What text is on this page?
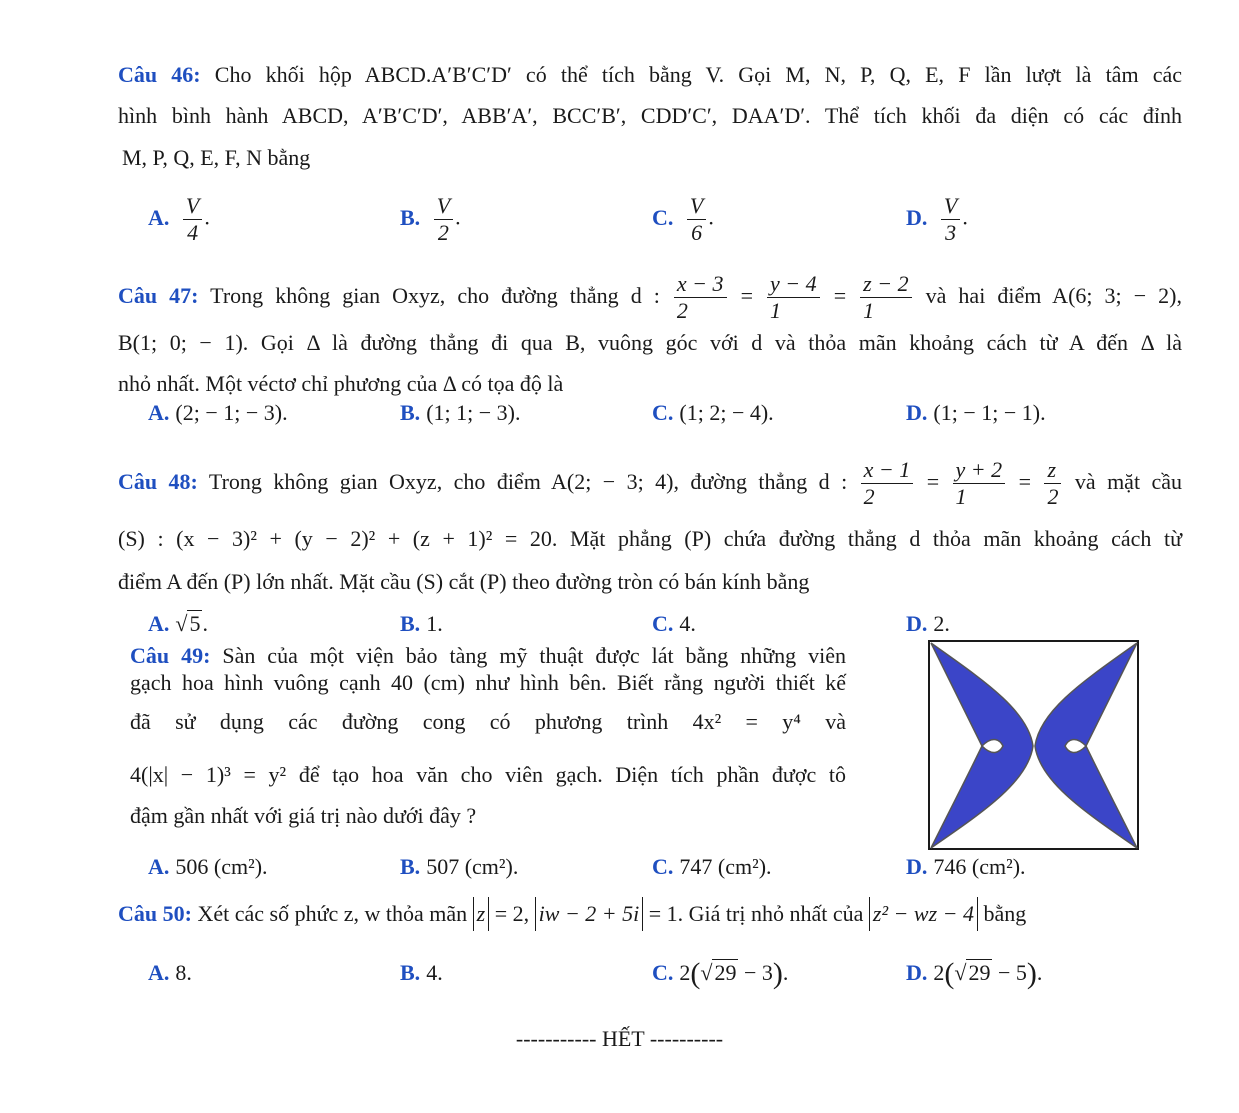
Câu 46: Cho khối hộp ABCD.A′B′C′D′ có thể tích bằng V. Gọi M, N, P, Q, E, F lần lượt là tâm các
hình bình hành ABCD, A′B′C′D′, ABB′A′, BCC′B′, CDD′C′, DAA′D′. Thể tích khối đa diện có các đỉnh
M, P, Q, E, F, N bằng
A. $\frac{V}{4}$ .	B. $\frac{V}{2}$ .	C. $\frac{V}{6}$ .	D. $\frac{V}{3}$ .
Câu 47: Trong không gian Oxyz, cho đường thẳng d : $\frac{x - 3}{2} = \frac{y - 4}{1} = \frac{z - 2}{1}$ và hai điểm A(6; 3; − 2),
B(1; 0; − 1). Gọi Δ là đường thẳng đi qua B, vuông góc với d và thỏa mãn khoảng cách từ A đến Δ là
nhỏ nhất. Một véctơ chỉ phương của Δ có tọa độ là
A. (2; − 1; − 3).	B. (1; 1; − 3).	C. (1; 2; − 4).	D. (1; − 1; − 1).
Câu 48: Trong không gian Oxyz, cho điểm A(2; − 3; 4), đường thẳng d : $\frac{x - 1}{2} = \frac{y + 2}{1} = \frac{z}{2}$ và mặt cầu
(S) : (x − 3)² + (y − 2)² + (z + 1)² = 20. Mặt phẳng (P) chứa đường thẳng d thỏa mãn khoảng cách từ
điểm A đến (P) lớn nhất. Mặt cầu (S) cắt (P) theo đường tròn có bán kính bằng
A. √5.	B. 1.	C. 4.	D. 2.
Câu 49: Sàn của một viện bảo tàng mỹ thuật được lát bằng những viên
gạch hoa hình vuông cạnh 40 (cm) như hình bên. Biết rằng người thiết kế
đã sử dụng các đường cong có phương trình 4x² = y⁴ và
4(|x| − 1)³ = y² để tạo hoa văn cho viên gạch. Diện tích phần được tô
đậm gần nhất với giá trị nào dưới đây ?
A. 506 (cm²).	B. 507 (cm²).	C. 747 (cm²).	D. 746 (cm²).
Câu 50: Xét các số phức z, w thỏa mãn z = 2, iw − 2 + 5i = 1. Giá trị nhỏ nhất của z² − wz − 4 bằng
A. 8.	B. 4.	C. 2(√29 − 3).	D. 2(√29 − 5).
----------- HẾT ----------
